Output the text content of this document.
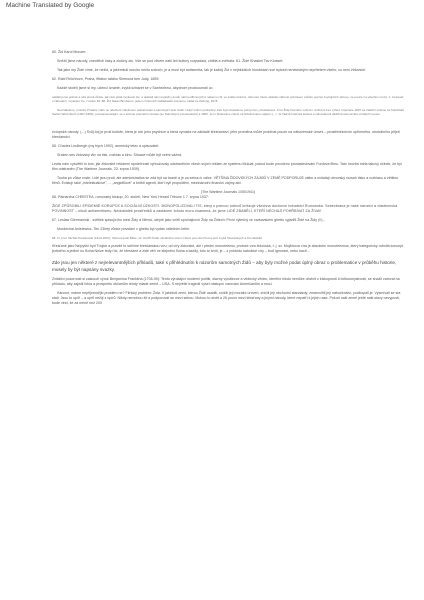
Machine Translated by Google

60. Žid Karol Munzer:

Sněžil jsme národy, znecitlivě časy a zločiny ztu. Vše se pod vlivem naší lstí kultury rozpadala, chtěla a zvětrala. 61. Židé Khaskel Tav Klosset:

Tak jako my Židé víme, že nežid, a jakémkoli rouchu nečtu srdcích, je a musí být antisemita, tak je každý Žid v nejhlubších hloubkách své bytosti nenávistným nepřítelem všeho, co není židovské.

62. Rabi Reichhorn, Praha, fiftatov tatáho Simeona ben Judy, 1859:

Každé století jsme si my, učenci Izraele, zvykli scházet se v Sanhedrinu, abychom prozkoumali co

udělali jeme pokrok a zda prosit vůdce, jak nám ještě zvyšovat zlo, a ukázali nám úspěchy doufu naší podřízených k našemu cíli, ve světle řetězce. Jak nám často ukázalo zářnost pokrokem (vůdce poprvé zvyšujících Jehovy, ne pouze na všechnu moci). 1. Listopad s Národem, zvyšující zlo, z útoku 36–88. Žid Natan Birnbaum, jeden z hlavních zakladatelů sionismu, zadal ze Zeitung, 1975.

Nevzdáváme, protože Prolátor mělo ne odečtení založenou pokračovací a ukončující šest hodin i když vnitrní podnebný stav bylo dostaženo pokryvnou, představení. Z ko Žida řízeného vnitrně i vnitřními bez výhod. Inspirace 1897 za tradiční svítkou za Kandráků Stefan Wieznbuch (1907-1980), poznamenávající, se u kořene přesného národa (se židovskými povolenkami) k 1905, Je to blokováno mluvit na finfelizované nájtezu (...). Je žádná hodnota kultura a celosvětová dědičná ekonomika vzniklých pouze.

evropské národy. (...) Svůj boj je proti kultuře, která je cizí jeho psychice a která vyrostla na základě křesťanství; jeho proměna může probíhat pouze na náboženské úrovni – prostřednictvím upřímného, neutrálního přijetí křesťanství.

65. Charles Lindbergh (my bych 1992), americký letec a spisovatel:

Sražen ses židovský vliv na tisk, rozhlas a kino. Situace může být velmi vážná.

Lewis nám vysvětlil to tom, jak židovské reklamní společnosti vyhrožovaly odstraněním všech svých reklam ze systému Mutual, pokud bude povoleno pronásledování Fordova filmu. Tato hrozba měla takový účinek, že byl film odstraněn (The Wartime Journals, 23. srpna 1939).

Touha po vůlce roste. Lidé jsou proti, ale administrativa se zdá být na hraně a je za sebou k válce. VĚTŠINA ŽIDOVSKÝCH ZÁJMŮ V ZEMĚ PODPORUJE válku a ovládají obrovský rozsah tisku a rozhlasu a většinu filmů. Existují také „intelektuálové", ... „anglofilové" a britští agenti, kteří byli propuštěni, mezinárodní finanční zájmy atd.

(The Wartime Journals 1/05/1941)

66. Patriarcha CHRISTEA, rumunský biskup, 20. století, New York Herald Tribune 1 7. srpna 1937:

ŽIDÉ ZPŮSOBILI EPIDEMIE KORUPCE A SOCIÁLNÍ ÚZKOSTI. MONOPOLIZOVALI TIS, který s pomocí cizinců kritizuje všechna duchovní bohatství Rumunska. Sebecbrana je naše národní a vlastenecká POVINNOST – nikoli antisemitismu. Nedostatek prostředků a zastavení tohoto moru znamená, že jsme LIDÉ ZBABĚLÍ, KTEŘÍ NECHAJÍ POHŘBÍVAT ZA ŽIVA!!

67. Leslaw Gierman/ski - světlek spisujícího mezi Židy a Němci, stejně jako vnitři spíchajících Židy na Židech: První výtečný ve varšavském ghettu vyjadřil Židé na Židy (!!)...

Mordechai Anielewicz, Ten 23letý vůdce povstání v ghettu byl vydán válečním kritm.

68. Fr. prof. Michal Poradowski (1913-2007), Talmud aneb Bible, str. 64-65 Podle oficiálního učení Církve jsou dle Písma prof zvyklí Tarwarských a žurnalistiků

Křesťané jako Nejvyšší bytí Trojice a pravdě to sdílíme křesťanskou víru; od víry židovské, ale i přední monoteismu, protože víra židovská, t. j. sv. Mojžíšova víra je absolutní monoteismus, který kategoricky odmítá koncept jediného a jediné no Boha Nelze tedy říci, že křesťané a židé věří ve stejného Boha a každý, kdo to tvrdí, je – z pohledu katolické víry – buď ignorant, nebo kacíř...

Zde jsou jen některé z nejrelevantnějších příkladů, také s přihlédnutím k názorům samotných Židů – aby byly možné podat úplný obraz o problematice v průběhu historie, musely by být napsány svazky.

Zvláštní pozornost si zaslouží výrok Benjamina Franklina (1706-90): Tento výrokající moderní politik, slavný vynálezce a vědecký vědec, kterého nikdo nemůže obvinit z žiskoprosti či krtkosmyslnosti, se snažil varovat na příkladu, aby zajistil fotos a prosperitu občanům tehdy mladé země – USA. S největší tragédií vyšel nástupcí varování Američanům a moci.

Kánové, máme nepřijemnější problém ne? Fitrický problém: Žida. V jakékoli zemi, kterou Židé usadili, snížili její morální úroveň, zničili její obchodní standardy, zmaroviřili její náboženství, podkopali je. Vysmívali se sta stati. Jsou to upíři – a upíři nežijí z upírů. Nikdy nemohou žít a podporovat se mezi sebou. Mohou to stvět a 26 pozor mezi křesťany a jinými národy, které nepatří k jejich rase. Pokud naši země ještě naši stavy nevypustí, bude vést, že za méně než 200
